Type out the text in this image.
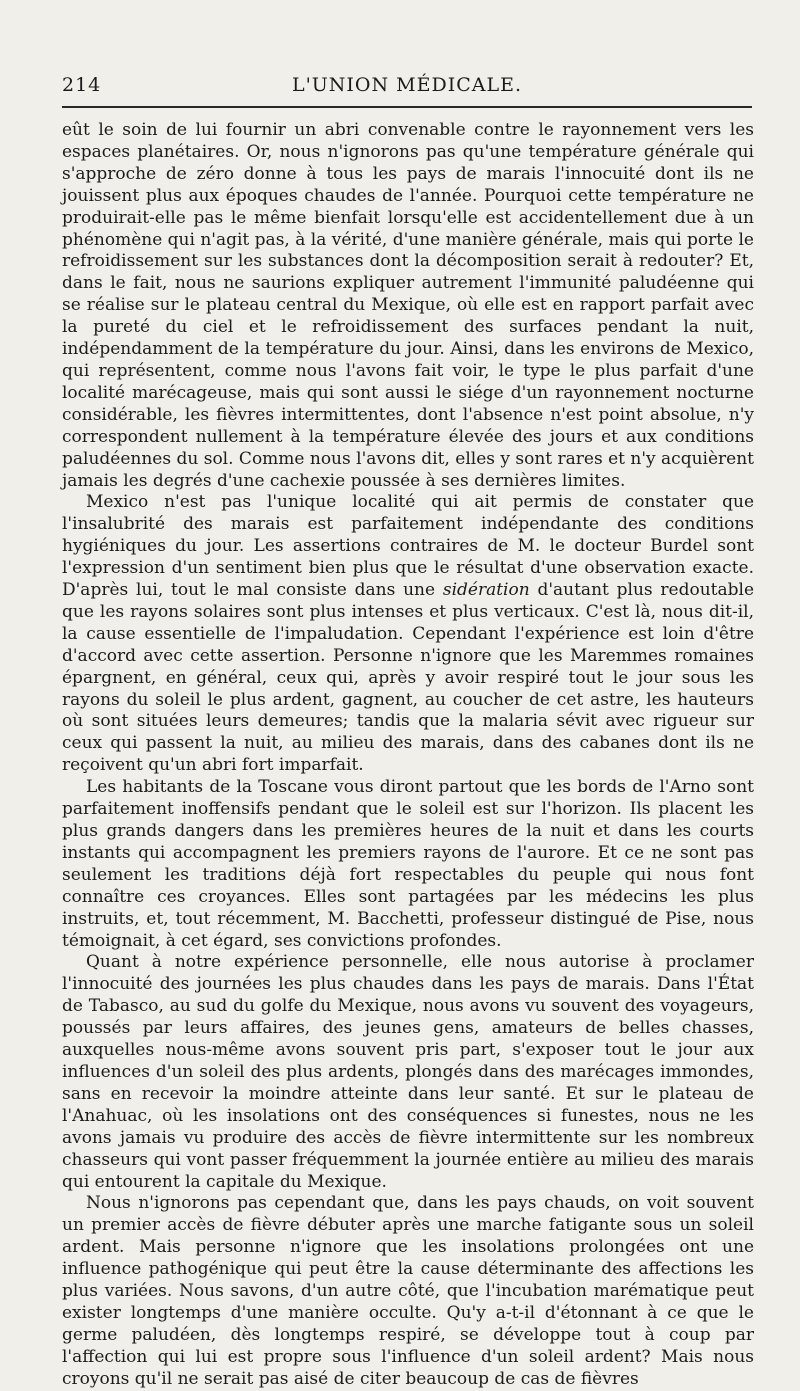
214	L'UNION MÉDICALE.

eût le soin de lui fournir un abri convenable contre le rayonnement vers les espaces planétaires. Or, nous n'ignorons pas qu'une température générale qui s'approche de zéro donne à tous les pays de marais l'innocuité dont ils ne jouissent plus aux époques chaudes de l'année. Pourquoi cette température ne produirait-elle pas le même bienfait lorsqu'elle est accidentellement due à un phénomène qui n'agit pas, à la vérité, d'une manière générale, mais qui porte le refroidissement sur les substances dont la décomposition serait à redouter? Et, dans le fait, nous ne saurions expliquer autrement l'immunité paludéenne qui se réalise sur le plateau central du Mexique, où elle est en rapport parfait avec la pureté du ciel et le refroidissement des surfaces pendant la nuit, indépendamment de la température du jour. Ainsi, dans les environs de Mexico, qui représentent, comme nous l'avons fait voir, le type le plus parfait d'une localité marécageuse, mais qui sont aussi le siége d'un rayonnement nocturne considérable, les fièvres intermittentes, dont l'absence n'est point absolue, n'y correspondent nullement à la température élevée des jours et aux conditions paludéennes du sol. Comme nous l'avons dit, elles y sont rares et n'y acquièrent jamais les degrés d'une cachexie poussée à ses dernières limites.

Mexico n'est pas l'unique localité qui ait permis de constater que l'insalubrité des marais est parfaitement indépendante des conditions hygiéniques du jour. Les assertions contraires de M. le docteur Burdel sont l'expression d'un sentiment bien plus que le résultat d'une observation exacte. D'après lui, tout le mal consiste dans une sidération d'autant plus redoutable que les rayons solaires sont plus intenses et plus verticaux. C'est là, nous dit-il, la cause essentielle de l'impaludation. Cependant l'expérience est loin d'être d'accord avec cette assertion. Personne n'ignore que les Maremmes romaines épargnent, en général, ceux qui, après y avoir respiré tout le jour sous les rayons du soleil le plus ardent, gagnent, au coucher de cet astre, les hauteurs où sont situées leurs demeures; tandis que la malaria sévit avec rigueur sur ceux qui passent la nuit, au milieu des marais, dans des cabanes dont ils ne reçoivent qu'un abri fort imparfait.

Les habitants de la Toscane vous diront partout que les bords de l'Arno sont parfaitement inoffensifs pendant que le soleil est sur l'horizon. Ils placent les plus grands dangers dans les premières heures de la nuit et dans les courts instants qui accompagnent les premiers rayons de l'aurore. Et ce ne sont pas seulement les traditions déjà fort respectables du peuple qui nous font connaître ces croyances. Elles sont partagées par les médecins les plus instruits, et, tout récemment, M. Bacchetti, professeur distingué de Pise, nous témoignait, à cet égard, ses convictions profondes.

Quant à notre expérience personnelle, elle nous autorise à proclamer l'innocuité des journées les plus chaudes dans les pays de marais. Dans l'État de Tabasco, au sud du golfe du Mexique, nous avons vu souvent des voyageurs, poussés par leurs affaires, des jeunes gens, amateurs de belles chasses, auxquelles nous-même avons souvent pris part, s'exposer tout le jour aux influences d'un soleil des plus ardents, plongés dans des marécages immondes, sans en recevoir la moindre atteinte dans leur santé. Et sur le plateau de l'Anahuac, où les insolations ont des conséquences si funestes, nous ne les avons jamais vu produire des accès de fièvre intermittente sur les nombreux chasseurs qui vont passer fréquemment la journée entière au milieu des marais qui entourent la capitale du Mexique.

Nous n'ignorons pas cependant que, dans les pays chauds, on voit souvent un premier accès de fièvre débuter après une marche fatigante sous un soleil ardent. Mais personne n'ignore que les insolations prolongées ont une influence pathogénique qui peut être la cause déterminante des affections les plus variées. Nous savons, d'un autre côté, que l'incubation marématique peut exister longtemps d'une manière occulte. Qu'y a-t-il d'étonnant à ce que le germe paludéen, dès longtemps respiré, se développe tout à coup par l'affection qui lui est propre sous l'influence d'un soleil ardent? Mais nous croyons qu'il ne serait pas aisé de citer beaucoup de cas de fièvres
